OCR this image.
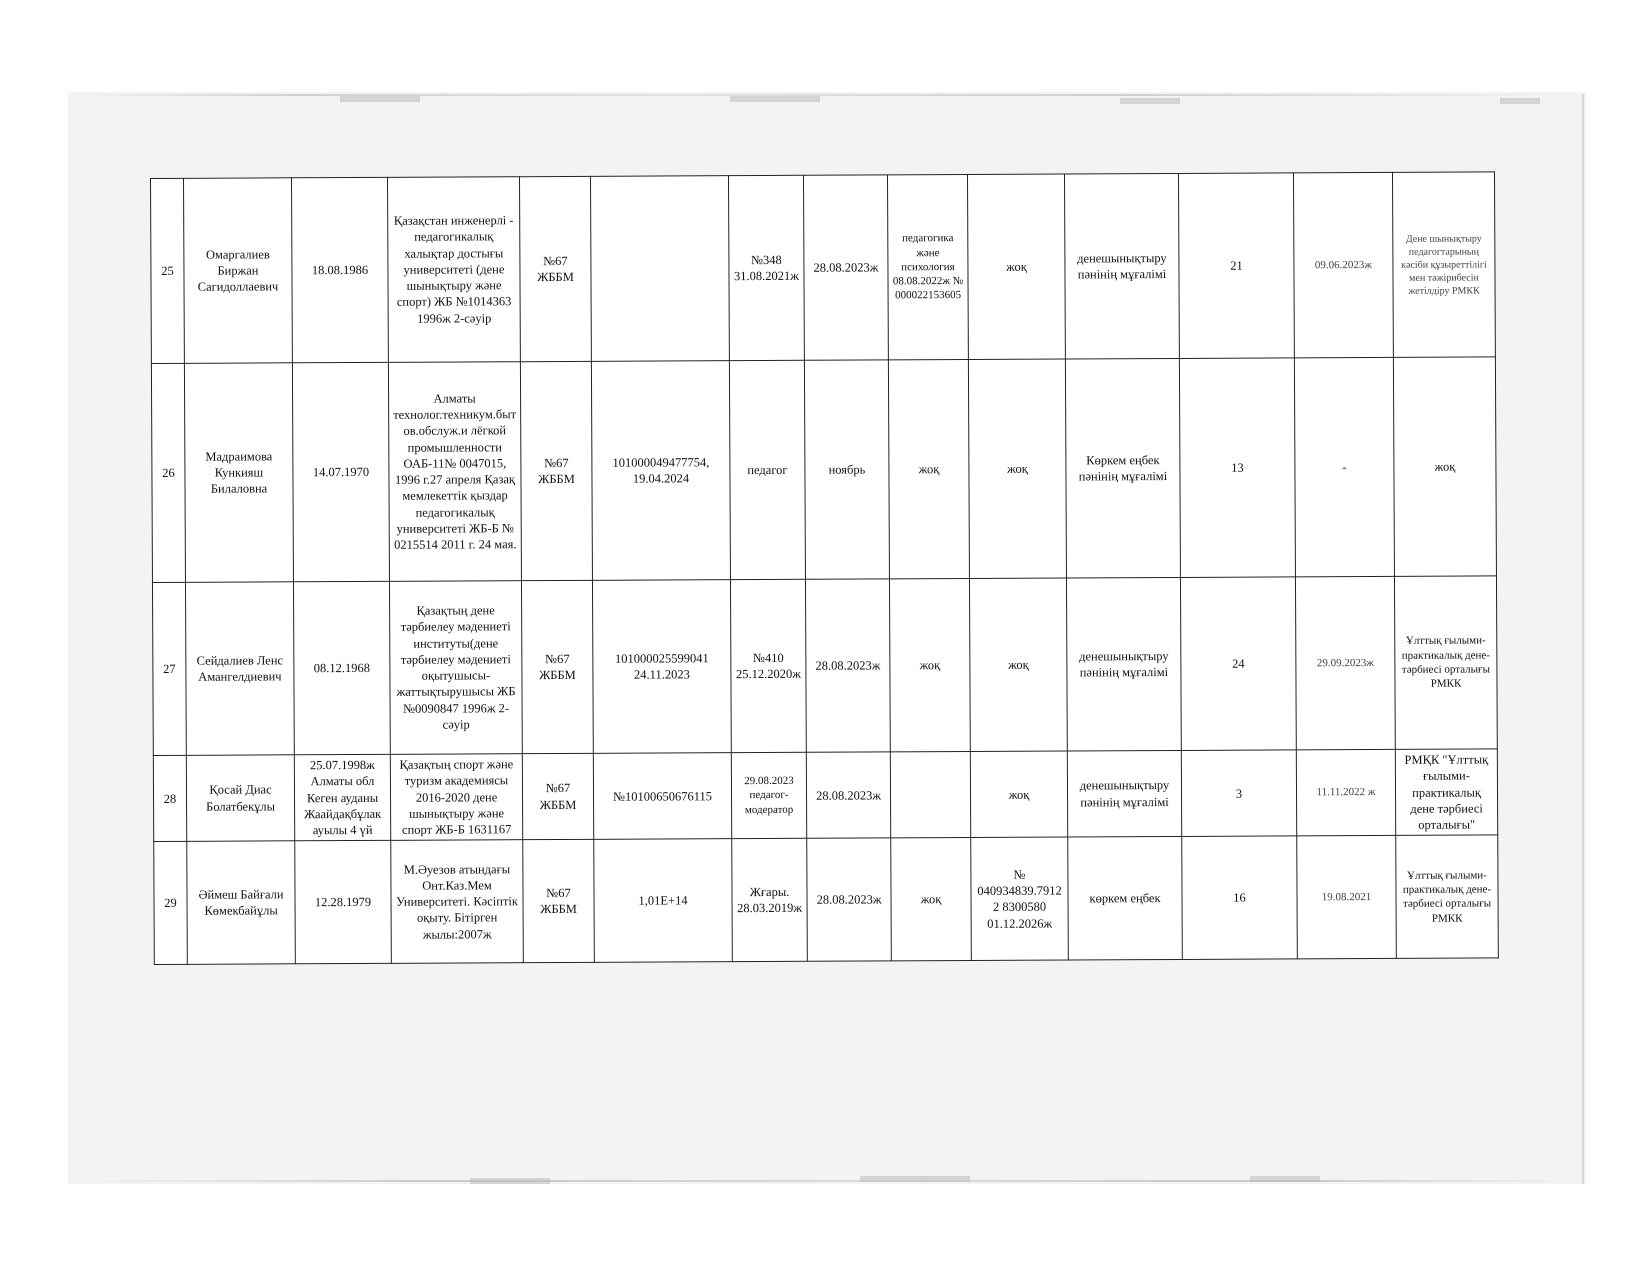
25	Омаргалиев Биржан Сагидоллаевич	18.08.1986	Қазақстан инженерлі - педагогикалық халықтар достығы университеті (дене шынықтыру және спорт) ЖБ №1014363 1996ж 2-сәуір	№67 ЖББМ		№348 31.08.2021ж	28.08.2023ж	педагогика және психология 08.08.2022ж № 000022153605	жоқ	денешынықтыру пәнінің мұғалімі	21	09.06.2023ж	Дене шынықтыру педагогтарының кәсіби құзыреттілігі мен тәжірибесін жетілдіру РМКК
26	Мадраимова Кункияш Билаловна	14.07.1970	Алматы технолог.техникум.быт ов.обслуж.и лёгкой промышленности ОАБ-11№ 0047015, 1996 г.27 апреля Қазақ мемлекеттік қыздар педагогикалық университеті ЖБ-Б № 0215514 2011 г. 24 мая.	№67 ЖББМ	101000049477754, 19.04.2024	педагог	ноябрь	жоқ	жоқ	Көркем еңбек пәнінің мұғалімі	13	-	жоқ
27	Сейдалиев Ленс Амангелдиевич	08.12.1968	Қазақтың дене тәрбиелеу мәдениеті институты(дене тәрбиелеу мәдениеті оқытушысы-жаттықтырушысы ЖБ №0090847 1996ж 2-сәуір	№67 ЖББМ	101000025599041 24.11.2023	№410 25.12.2020ж	28.08.2023ж	жоқ	жоқ	денешынықтыру пәнінің мұғалімі	24	29.09.2023ж	Ұлттық ғылыми-практикалық дене-тәрбиесі орталығы РМКК
28	Қосай Диас Болатбекұлы	25.07.1998ж Алматы обл Кеген ауданы Жаайдақбұлак ауылы 4 үй	Қазақтың спорт және туризм академиясы 2016-2020 дене шынықтыру және спорт ЖБ-Б 1631167	№67 ЖББМ	№10100650676115	29.08.2023 педагог-модератор	28.08.2023ж		жоқ	денешынықтыру пәнінің мұғалімі	3	11.11.2022 ж	РМҚК "Ұлттық ғылыми-практикалық дене тәрбиесі орталығы"
29	Әймеш Байғали Көмекбайұлы	12.28.1979	М.Әуезов атындағы Онт.Каз.Мем Университеті. Кәсіптік оқыту. Бітірген жылы:2007ж	№67 ЖББМ	1,01E+14	Жғары. 28.03.2019ж	28.08.2023ж	жоқ	№ 040934839.79122 8300580 01.12.2026ж	көркем еңбек	16	19.08.2021	Ұлттық ғылыми-практикалық дене-тәрбиесі орталығы РМКК
